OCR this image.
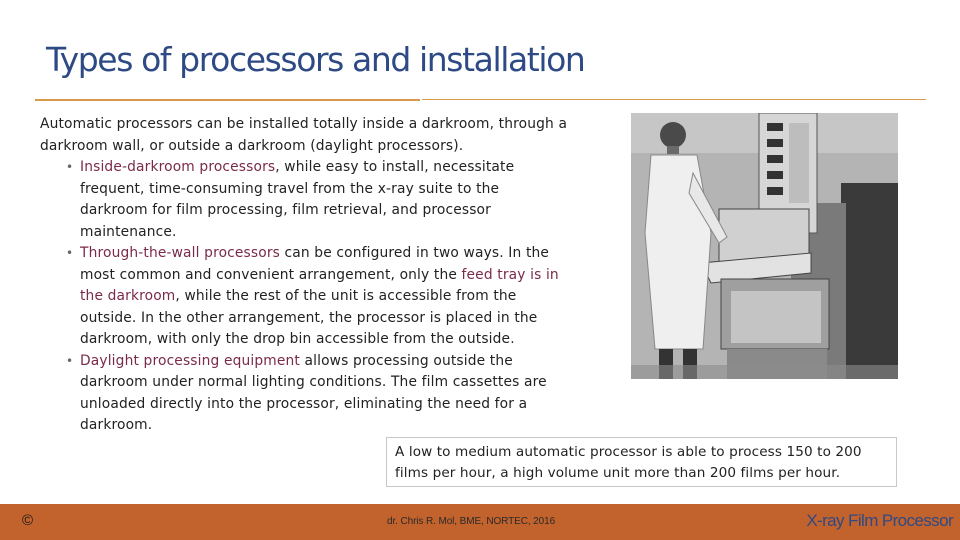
Types of processors and installation
Automatic processors can be installed totally inside a darkroom, through a darkroom wall, or outside a darkroom (daylight processors).
• Inside-darkroom processors, while easy to install, necessitate frequent, time-consuming travel from the x-ray suite to the darkroom for film processing, film retrieval, and processor maintenance.
• Through-the-wall processors can be configured in two ways. In the most common and convenient arrangement, only the feed tray is in the darkroom, while the rest of the unit is accessible from the outside. In the other arrangement, the processor is placed in the darkroom, with only the drop bin accessible from the outside.
• Daylight processing equipment allows processing outside the darkroom under normal lighting conditions. The film cassettes are unloaded directly into the processor, eliminating the need for a darkroom.
A low to medium automatic processor is able to process 150 to 200 films per hour, a high volume unit more than 200 films per hour.
©	dr. Chris R. Mol, BME, NORTEC, 2016	X-ray Film Processor
